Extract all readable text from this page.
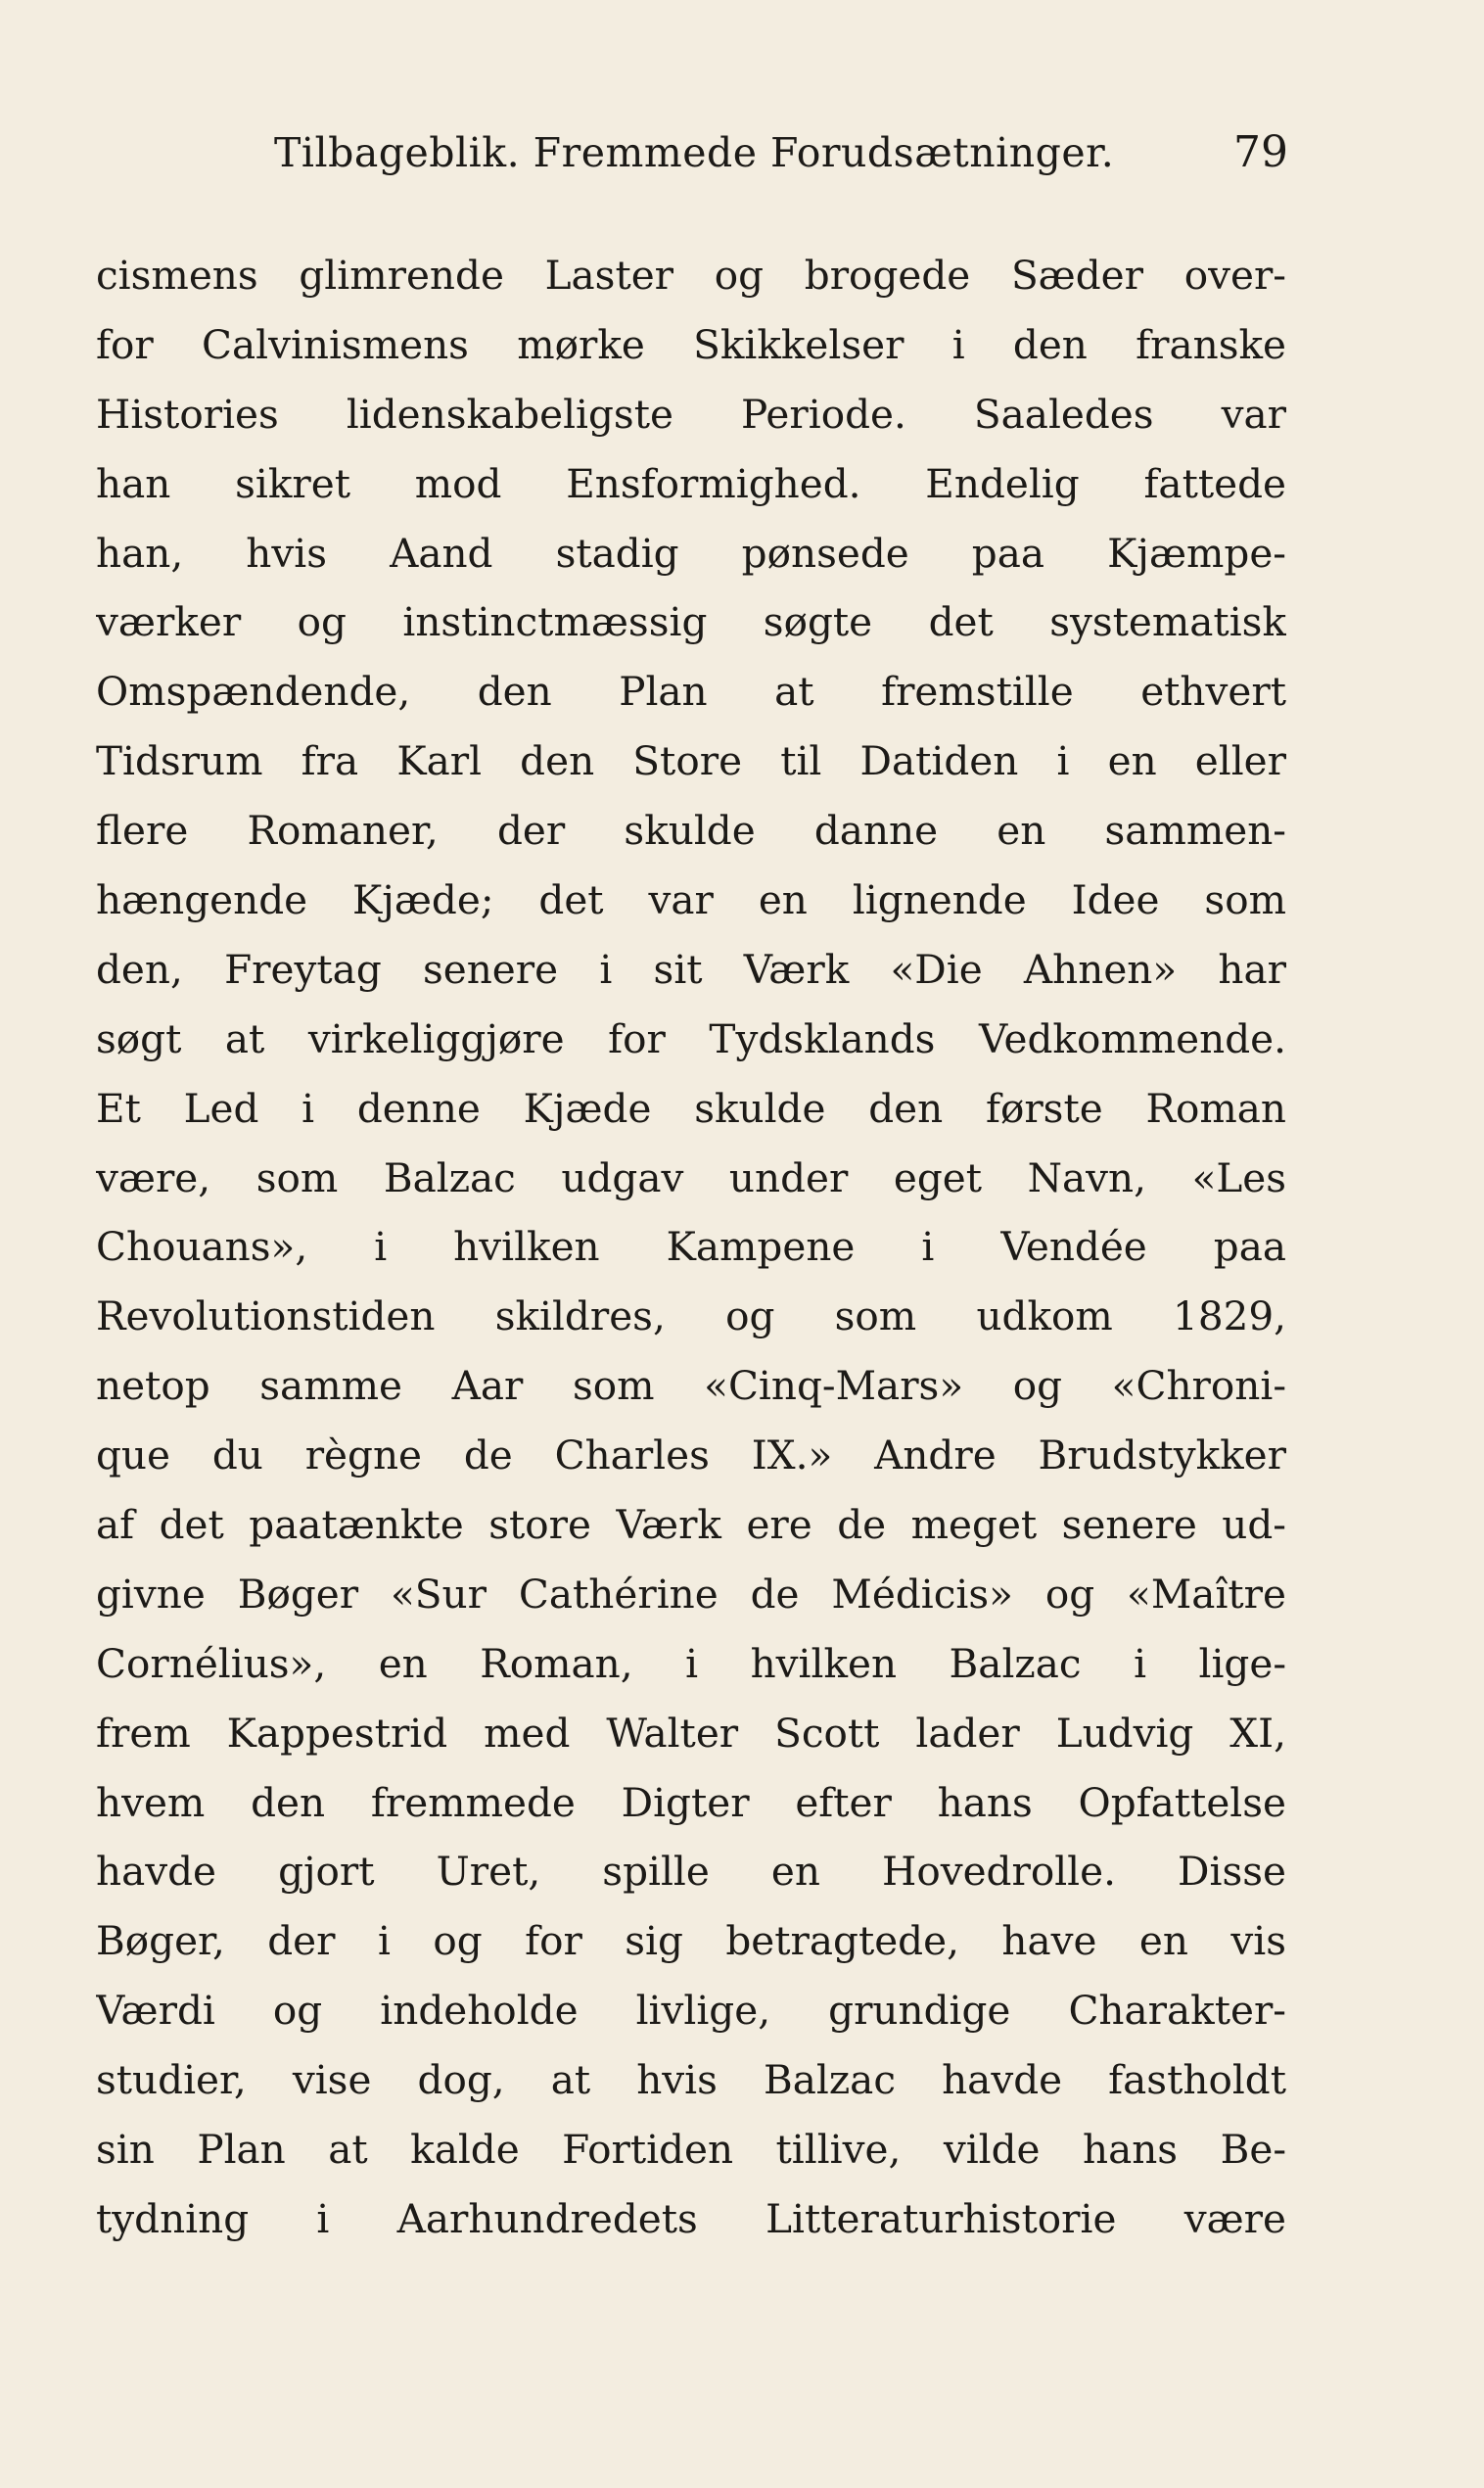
Tilbageblik. Fremmede Forudsætninger.	79
cismens glimrende Laster og brogede Sæder over-
for Calvinismens mørke Skikkelser i den franske
Histories lidenskabeligste Periode. Saaledes var
han sikret mod Ensformighed. Endelig fattede
han, hvis Aand stadig pønsede paa Kjæmpe-
værker og instinctmæssig søgte det systematisk
Omspændende, den Plan at fremstille ethvert
Tidsrum fra Karl den Store til Datiden i en eller
flere Romaner, der skulde danne en sammen-
hængende Kjæde; det var en lignende Idee som
den, Freytag senere i sit Værk «Die Ahnen» har
søgt at virkeliggjøre for Tydsklands Vedkommende.
Et Led i denne Kjæde skulde den første Roman
være, som Balzac udgav under eget Navn, «Les
Chouans», i hvilken Kampene i Vendée paa
Revolutionstiden skildres, og som udkom 1829,
netop samme Aar som «Cinq-Mars» og «Chroni-
que du règne de Charles IX.» Andre Brudstykker
af det paatænkte store Værk ere de meget senere ud-
givne Bøger «Sur Cathérine de Médicis» og «Maître
Cornélius», en Roman, i hvilken Balzac i lige-
frem Kappestrid med Walter Scott lader Ludvig XI,
hvem den fremmede Digter efter hans Opfattelse
havde gjort Uret, spille en Hovedrolle. Disse
Bøger, der i og for sig betragtede, have en vis
Værdi og indeholde livlige, grundige Charakter-
studier, vise dog, at hvis Balzac havde fastholdt
sin Plan at kalde Fortiden tillive, vilde hans Be-
tydning i Aarhundredets Litteraturhistorie være
